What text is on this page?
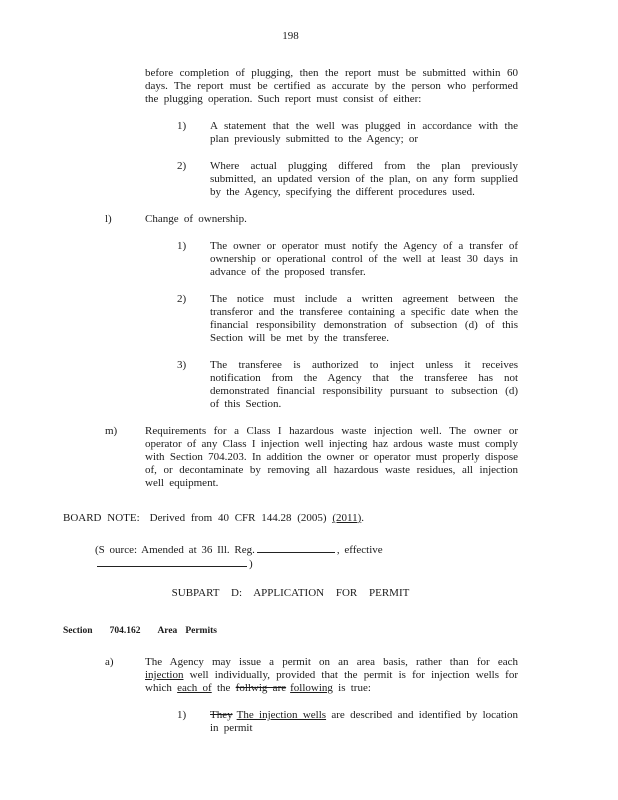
198
before completion of plugging, then the report must be submitted within 60 days. The report must be certified as accurate by the person who performed the plugging operation. Such report must consist of either:
1)	A statement that the well was plugged in accordance with the plan previously submitted to the Agency; or
2)	Where actual plugging differed from the plan previously submitted, an updated version of the plan, on any form supplied by the Agency, specifying the different procedures used.
l)	Change of ownership.
1)	The owner or operator must notify the Agency of a transfer of ownership or operational control of the well at least 30 days in advance of the proposed transfer.
2)	The notice must include a written agreement between the transferor and the transferee containing a specific date when the financial responsibility demonstration of subsection (d) of this Section will be met by the transferee.
3)	The transferee is authorized to inject unless it receives notification from the Agency that the transferee has not demonstrated financial responsibility pursuant to subsection (d) of this Section.
m)	Requirements for a Class I hazardous waste injection well. The owner or operator of any Class I injection well injecting haz ardous waste must comply with Section 704.203. In addition the owner or operator must properly dispose of, or decontaminate by removing all hazardous waste residues, all injection well equipment.
BOARD NOTE: Derived from 40 CFR 144.28 (2005) (2011).
(S ource: Amended at 36 Ill. Reg.	, effective)
SUBPART D: APPLICATION FOR PERMIT
Section 704.162 Area Permits
a)	The Agency may issue a permit on an area basis, rather than for each injection well individually, provided that the permit is for injection wells for which each of the follwig are following is true:
1)	They The injection wells are described and identified by location in permit
